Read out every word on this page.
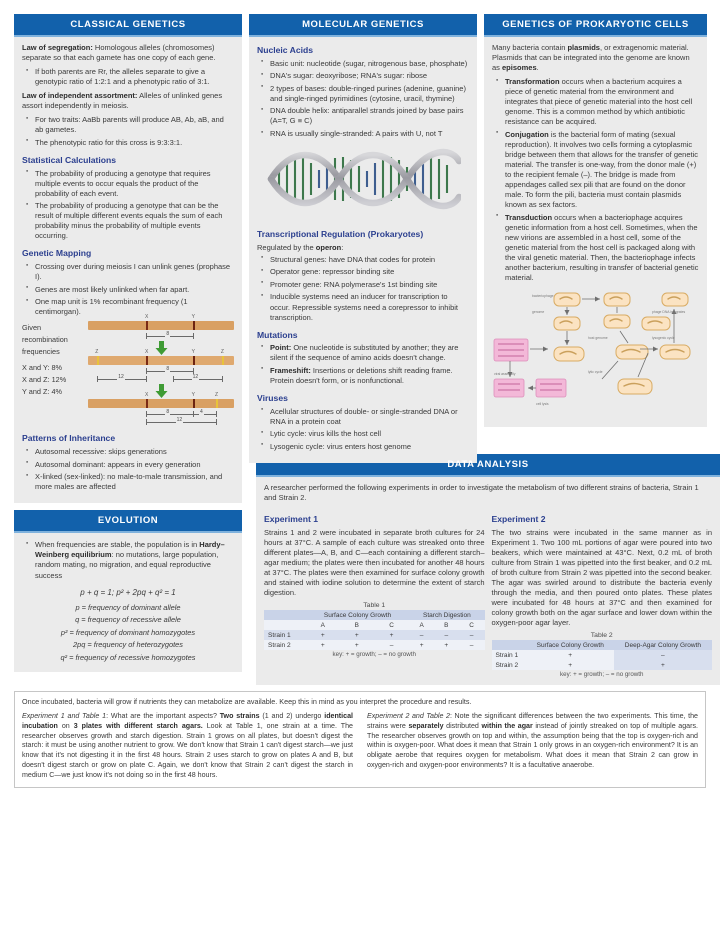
CLASSICAL GENETICS

Law of segregation: Homologous alleles (chromosomes) separate so that each gamete has one copy of each gene.

▪ If both parents are Rr, the alleles separate to give a genotypic ratio of 1:2:1 and a phenotypic ratio of 3:1.

Law of independent assortment: Alleles of unlinked genes assort independently in meiosis.

▪ For two traits: AaBb parents will produce AB, Ab, aB, and ab gametes.
▪ The phenotypic ratio for this cross is 9:3:3:1.
Statistical Calculations
▪ The probability of producing a genotype that requires multiple events to occur equals the product of the probability of each event.
▪ The probability of producing a genotype that can be the result of multiple different events equals the sum of each probability minus the probability of multiple events occurring.
Genetic Mapping
▪ Crossing over during meiosis I can unlink genes (prophase I).
▪ Genes are most likely unlinked when far apart.
▪ One map unit is 1% recombinant frequency (1 centimorgan).
Given
recombination
frequencies
X and Y: 8%
X and Z: 12%
Y and Z: 4%
X	Y
8
Z	X	Y	Z
8
12	12
X	Y	Z
8	4
12
Patterns of Inheritance
▪ Autosomal recessive: skips generations
▪ Autosomal dominant: appears in every generation
▪ X-linked (sex-linked): no male-to-male transmission, and more males are affected
EVOLUTION
▪ When frequencies are stable, the population is in Hardy–Weinberg equilibrium: no mutations, large population, random mating, no migration, and equal reproductive success
p + q = 1; p² + 2pq + q² = 1
p = frequency of dominant allele
q = frequency of recessive allele
p² = frequency of dominant homozygotes
2pq = frequency of heterozygotes
q² = frequency of recessive homozygotes
MOLECULAR GENETICS
Nucleic Acids
▪ Basic unit: nucleotide (sugar, nitrogenous base, phosphate)
▪ DNA's sugar: deoxyribose; RNA's sugar: ribose
▪ 2 types of bases: double-ringed purines (adenine, guanine) and single-ringed pyrimidines (cytosine, uracil, thymine)
▪ DNA double helix: antiparallel strands joined by base pairs (A=T, G ≡ C)
▪ RNA is usually single-stranded: A pairs with U, not T
Transcriptional Regulation (Prokaryotes)

Regulated by the operon:

▪ Structural genes: have DNA that codes for protein
▪ Operator gene: repressor binding site
▪ Promoter gene: RNA polymerase's 1st binding site
▪ Inducible systems need an inducer for transcription to occur. Repressible systems need a corepressor to inhibit transcription.
Mutations
▪ Point: One nucleotide is substituted by another; they are silent if the sequence of amino acids doesn't change.
▪ Frameshift: Insertions or deletions shift reading frame. Protein doesn't form, or is nonfunctional.
Viruses
▪ Acellular structures of double- or single-stranded DNA or RNA in a protein coat
▪ Lytic cycle: virus kills the host cell
▪ Lysogenic cycle: virus enters host genome
GENETICS OF PROKARYOTIC CELLS

Many bacteria contain plasmids, or extragenomic material. Plasmids that can be integrated into the genome are known as episomes.

▪ Transformation occurs when a bacterium acquires a piece of genetic material from the environment and integrates that piece of genetic material into the host cell genome. This is a common method by which antibiotic resistance can be acquired.
▪ Conjugation is the bacterial form of mating (sexual reproduction). It involves two cells forming a cytoplasmic bridge between them that allows for the transfer of genetic material. The transfer is one-way, from the donor male (+) to the recipient female (–). The bridge is made from appendages called sex pili that are found on the donor male. To form the pili, bacteria must contain plasmids known as sex factors.
▪ Transduction occurs when a bacteriophage acquires genetic information from a host cell. Sometimes, when the new virions are assembled in a host cell, some of the genetic material from the host cell is packaged along with the viral genetic material. Then, the bacteriophage infects another bacterium, resulting in transfer of bacterial genetic material.
bacteriophage
genome
host genome
lytic cycle
lysogenic cycle
phage DNA integrates
viral assembly
cell lysis
DATA ANALYSIS

A researcher performed the following experiments in order to investigate the metabolism of two different strains of bacteria, Strain 1 and Strain 2.

Experiment 1

Strains 1 and 2 were incubated in separate broth cultures for 24 hours at 37°C. A sample of each culture was streaked onto three different plates—A, B, and C—each containing a different starch–agar medium; the plates were then incubated for another 48 hours at 37°C. The plates were then examined for surface colony growth and stained with iodine solution to determine the extent of starch digestion.

Table 1
	Surface Colony Growth			Starch Digestion		
	A	B	C	A	B	C
Strain 1	+	+	+	–	–	–
Strain 2	+	+	–	+	+	–
key: + = growth; – = no growth
Experiment 2

The two strains were incubated in the same manner as in Experiment 1. Two 100 mL portions of agar were poured into two beakers, which were maintained at 43°C. Next, 0.2 mL of broth culture from Strain 1 was pipetted into the first beaker, and 0.2 mL of broth culture from Strain 2 was pipetted into the second beaker. The agar was swirled around to distribute the bacteria evenly through the media, and then poured onto plates. These plates were incubated for 48 hours at 37°C and then examined for colony growth both on the agar surface and lower down within the oxygen-poor agar layer.

Table 2
	Surface Colony Growth	Deep-Agar Colony Growth
Strain 1	+	–
Strain 2	+	+
key: + = growth; – = no growth

Once incubated, bacteria will grow if nutrients they can metabolize are available. Keep this in mind as you interpret the procedure and results.

Experiment 1 and Table 1: What are the important aspects? Two strains (1 and 2) undergo identical incubation on 3 plates with different starch agars. Look at Table 1, one strain at a time. The researcher observes growth and starch digestion. Strain 1 grows on all plates, but doesn't digest the starch: it must be using another nutrient to grow. We don't know that Strain 1 can't digest starch—we just know that it's not digesting it in the first 48 hours. Strain 2 uses starch to grow on plates A and B, but doesn't digest starch or grow on plate C. Again, we don't know that Strain 2 can't digest the starch in medium C—we just know it's not doing so in the first 48 hours.
Experiment 2 and Table 2: Note the significant differences between the two experiments. This time, the strains were separately distributed within the agar instead of jointly streaked on top of multiple agars. The researcher observes growth on top and within, the assumption being that the top is oxygen-rich and within is oxygen-poor. What does it mean that Strain 1 only grows in an oxygen-rich environment? It is an obligate aerobe that requires oxygen for metabolism. What does it mean that Strain 2 can grow in oxygen-rich and oxygen-poor environments? It is a facultative anaerobe.
